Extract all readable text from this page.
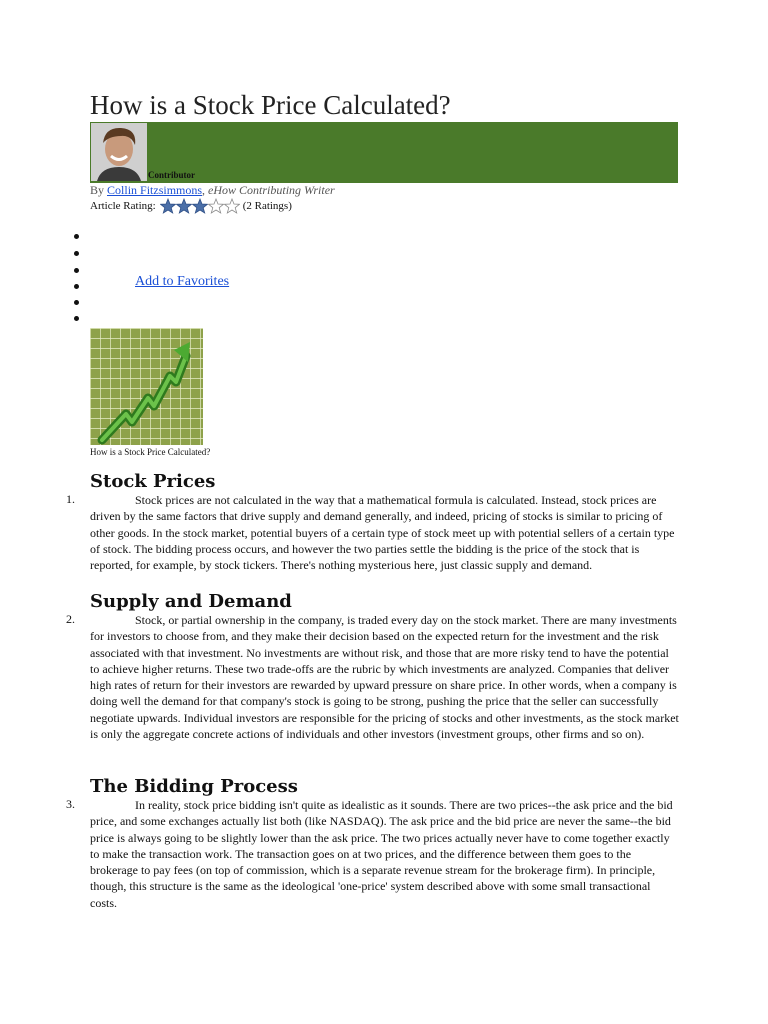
How is a Stock Price Calculated?
Contributor
By Collin Fitzsimmons, eHow Contributing Writer
Article Rating:	(2 Ratings)
Add to Favorites
How is a Stock Price Calculated?
Stock Prices
1.	Stock prices are not calculated in the way that a mathematical formula is calculated. Instead, stock prices are driven by the same factors that drive supply and demand generally, and indeed, pricing of stocks is similar to pricing of other goods. In the stock market, potential buyers of a certain type of stock meet up with potential sellers of a certain type of stock. The bidding process occurs, and however the two parties settle the bidding is the price of the stock that is reported, for example, by stock tickers. There's nothing mysterious here, just classic supply and demand.

Supply and Demand
2.	Stock, or partial ownership in the company, is traded every day on the stock market. There are many investments for investors to choose from, and they make their decision based on the expected return for the investment and the risk associated with that investment. No investments are without risk, and those that are more risky tend to have the potential to achieve higher returns. These two trade-offs are the rubric by which investments are analyzed. Companies that deliver high rates of return for their investors are rewarded by upward pressure on share price. In other words, when a company is doing well the demand for that company's stock is going to be strong, pushing the price that the seller can successfully negotiate upwards. Individual investors are responsible for the pricing of stocks and other investments, as the stock market is only the aggregate concrete actions of individuals and other investors (investment groups, other firms and so on).

The Bidding Process
3.	In reality, stock price bidding isn't quite as idealistic as it sounds. There are two prices--the ask price and the bid price, and some exchanges actually list both (like NASDAQ). The ask price and the bid price are never the same--the bid price is always going to be slightly lower than the ask price. The two prices actually never have to come together exactly to make the transaction work. The transaction goes on at two prices, and the difference between them goes to the brokerage to pay fees (on top of commission, which is a separate revenue stream for the brokerage firm). In principle, though, this structure is the same as the ideological 'one-price' system described above with some small transactional costs.
